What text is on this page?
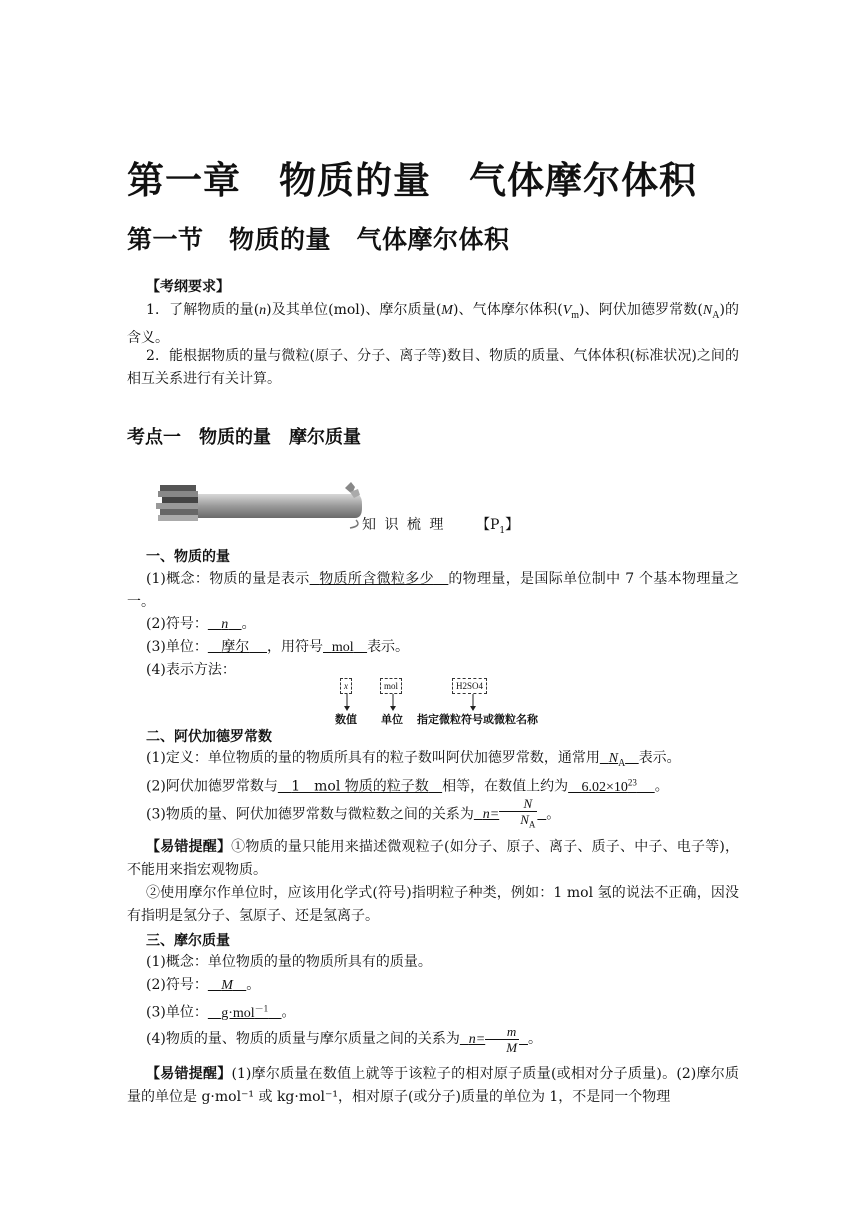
第一章　物质的量　气体摩尔体积
第一节　物质的量　气体摩尔体积
【考纲要求】
1．了解物质的量(n)及其单位(mol)、摩尔质量(M)、气体摩尔体积$(V_m)$、阿伏加德罗常数$(N_A)$的含义。
2．能根据物质的量与微粒(原子、分子、离子等)数目、物质的质量、气体体积(标准状况)之间的相互关系进行有关计算。
考点一　物质的量　摩尔质量
知 识 梳 理 【$P_1$】
一、物质的量
(1)概念：物质的量是表示 物质所含微粒多少 的物理量，是国际单位制中 7 个基本物理量之一。
(2)符号： n 。
(3)单位： 摩尔 ，用符号 mol 表示。
(4)表示方法：
x	mol	H2SO4
数值 单位 指定微粒符号或微粒名称
二、阿伏加德罗常数
(1)定义：单位物质的量的物质所具有的粒子数叫阿伏加德罗常数，通常用 $N_A$ 表示。
(2)阿伏加德罗常数与 1　mol 物质的粒子数 相等，在数值上约为 $6.02\times 10^{23}$ 。
(3)物质的量、阿伏加德罗常数与微粒数之间的关系为 $n= \frac{N}{N_A}$ 。
【易错提醒】①物质的量只能用来描述微观粒子(如分子、原子、离子、质子、中子、电子等)，不能用来指宏观物质。
②使用摩尔作单位时，应该用化学式(符号)指明粒子种类，例如：1 mol 氢的说法不正确，因没有指明是氢分子、氢原子、还是氢离子。
三、摩尔质量
(1)概念：单位物质的量的物质所具有的质量。
(2)符号： M 。
(3)单位： g·mol$^{-1}$ 。
(4)物质的量、物质的质量与摩尔质量之间的关系为 $n= \frac{m}{M}$ 。
【易错提醒】(1)摩尔质量在数值上就等于该粒子的相对原子质量(或相对分子质量)。(2)摩尔质量的单位是 g·mol⁻¹ 或 kg·mol⁻¹，相对原子(或分子)质量的单位为 1，不是同一个物理
